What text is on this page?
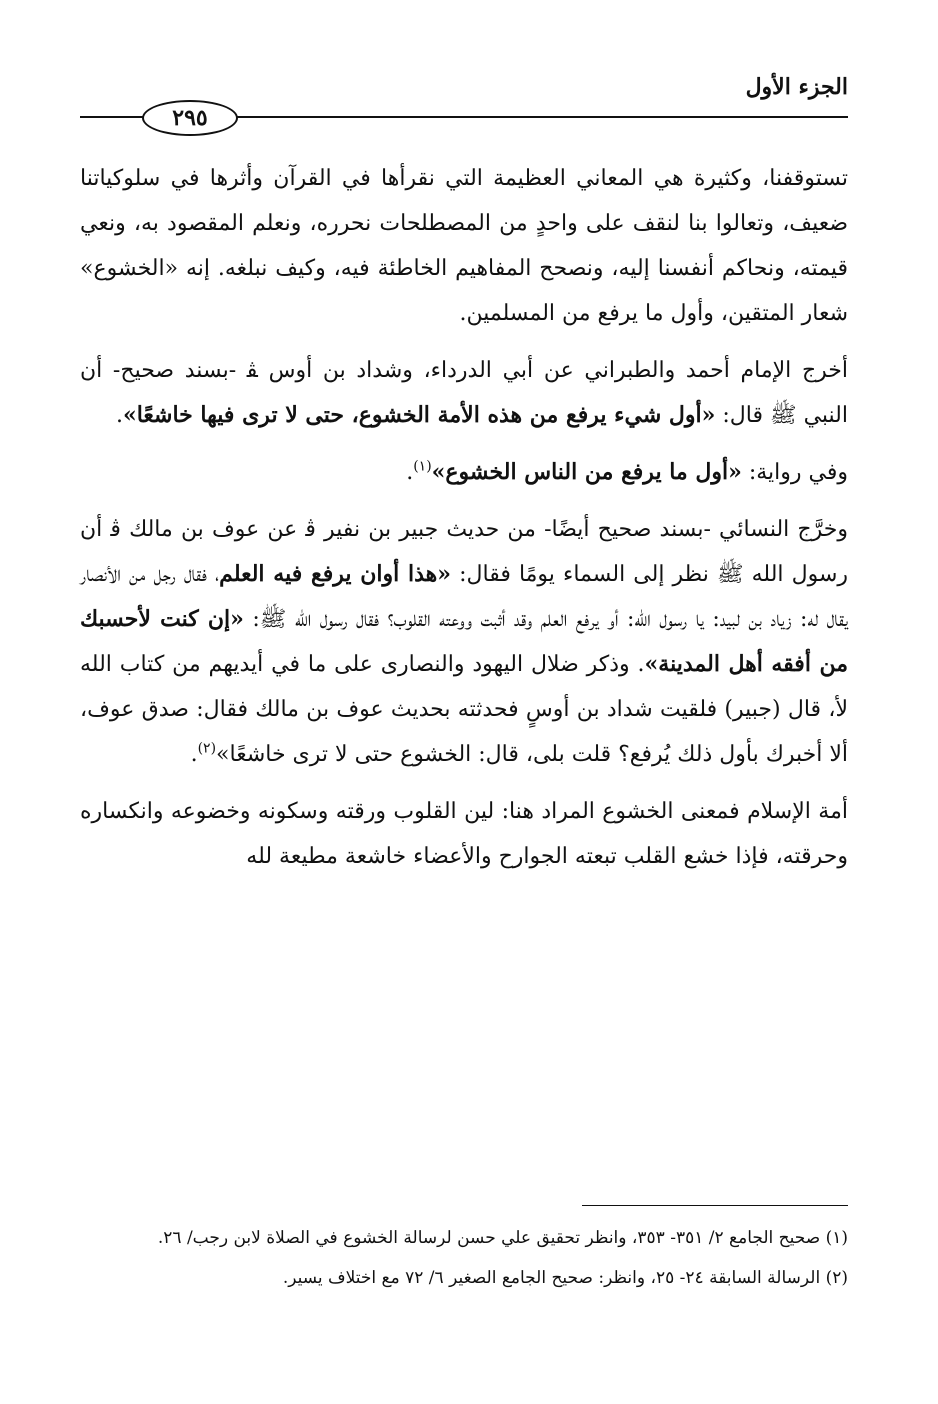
الجزء الأول
٢٩٥

تستوقفنا، وكثيرة هي المعاني العظيمة التي نقرأها في القرآن وأثرها في سلوكياتنا ضعيف، وتعالوا بنا لنقف على واحدٍ من المصطلحات نحرره، ونعلم المقصود به، ونعي قيمته، ونحاكم أنفسنا إليه، ونصحح المفاهيم الخاطئة فيه، وكيف نبلغه. إنه «الخشوع» شعار المتقين، وأول ما يرفع من المسلمين.

أخرج الإمام أحمد والطبراني عن أبي الدرداء، وشداد بن أوس ﭭ -بسند صحيح- أن النبي ﷺ قال: «أول شيء يرفع من هذه الأمة الخشوع، حتى لا ترى فيها خاشعًا».

وفي رواية: «أول ما يرفع من الناس الخشوع»$^{(١)}$.

وخرَّج النسائي -بسند صحيح أيضًا- من حديث جبير بن نفير ﭬ عن عوف بن مالك ﭬ أن رسول الله ﷺ نظر إلى السماء يومًا فقال: «هذا أوان يرفع فيه العلم، فقال رجل من الأنصار يقال له: زياد بن لبيد: يا رسول الله: أو يرفع العلم وقد أثبت ووعته القلوب؟ فقال رسول الله ﷺ: «إن كنت لأحسبك من أفقه أهل المدينة». وذكر ضلال اليهود والنصارى على ما في أيديهم من كتاب الله ﻷ، قال (جبير) فلقيت شداد بن أوسٍ فحدثته بحديث عوف بن مالك فقال: صدق عوف، ألا أخبرك بأول ذلك يُرفع؟ قلت بلى، قال: الخشوع حتى لا ترى خاشعًا»$^{(٢)}$.

أمة الإسلام فمعنى الخشوع المراد هنا: لين القلوب ورقته وسكونه وخضوعه وانكساره وحرقته، فإذا خشع القلب تبعته الجوارح والأعضاء خاشعة مطيعة لله

(١) صحيح الجامع ٢/ ٣٥١- ٣٥٣، وانظر تحقيق علي حسن لرسالة الخشوع في الصلاة لابن رجب/ ٢٦.

(٢) الرسالة السابقة ٢٤- ٢٥، وانظر: صحيح الجامع الصغير ٦/ ٧٢ مع اختلاف يسير.
